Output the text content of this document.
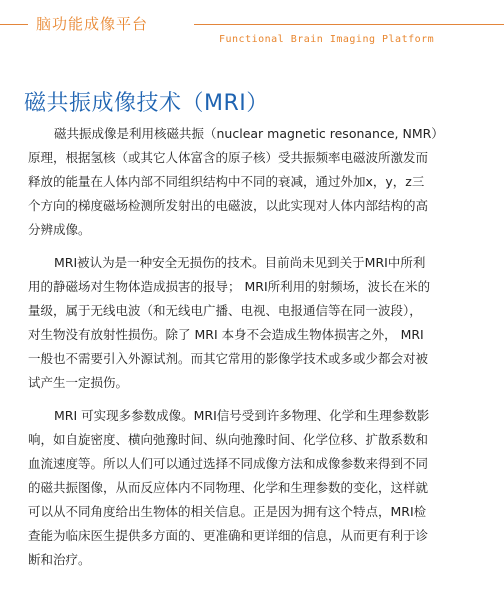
脑功能成像平台
Functional Brain Imaging Platform
磁共振成像技术（MRI）

磁共振成像是利用核磁共振（nuclear magnetic resonance, NMR）
原理，根据氢核（或其它人体富含的原子核）受共振频率电磁波所激发而
释放的能量在人体内部不同组织结构中不同的衰减，通过外加x，y，z三
个方向的梯度磁场检测所发射出的电磁波，以此实现对人体内部结构的高
分辨成像。

MRI被认为是一种安全无损伤的技术。目前尚未见到关于MRI中所利
用的静磁场对生物体造成损害的报导； MRI所利用的射频场，波长在米的
量级，属于无线电波（和无线电广播、电视、电报通信等在同一波段），
对生物没有放射性损伤。除了 MRI 本身不会造成生物体损害之外， MRI
一般也不需要引入外源试剂。而其它常用的影像学技术或多或少都会对被
试产生一定损伤。

MRI 可实现多参数成像。MRI信号受到许多物理、化学和生理参数影
响，如自旋密度、横向弛豫时间、纵向弛豫时间、化学位移、扩散系数和
血流速度等。所以人们可以通过选择不同成像方法和成像参数来得到不同
的磁共振图像，从而反应体内不同物理、化学和生理参数的变化，这样就
可以从不同角度给出生物体的相关信息。正是因为拥有这个特点，MRI检
查能为临床医生提供多方面的、更准确和更详细的信息，从而更有利于诊
断和治疗。
